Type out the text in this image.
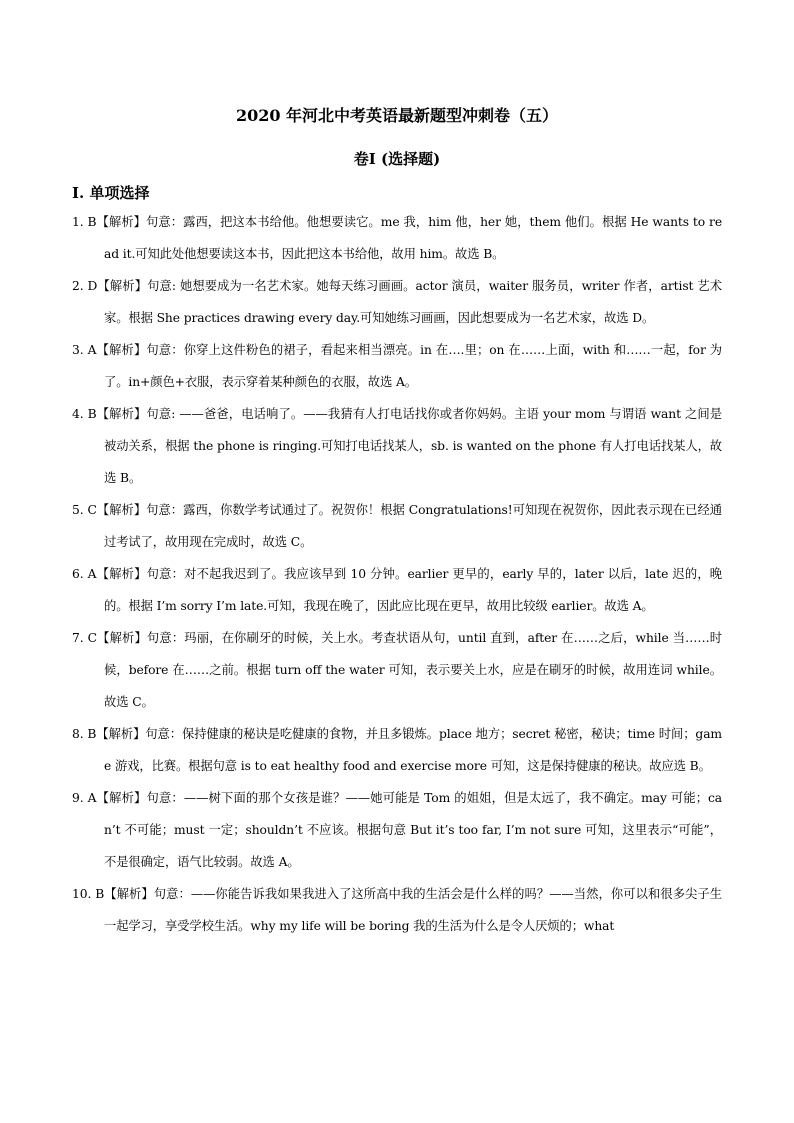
2020 年河北中考英语最新题型冲刺卷（五）
卷I (选择题)
I. 单项选择
1. B【解析】句意：露西，把这本书给他。他想要读它。me 我，him 他，her 她，them 他们。根据 He wants to read it.可知此处他想要读这本书，因此把这本书给他，故用 him。故选 B。
2. D【解析】句意: 她想要成为一名艺术家。她每天练习画画。actor 演员，waiter 服务员，writer 作者，artist 艺术家。根据 She practices drawing every day.可知她练习画画，因此想要成为一名艺术家，故选 D。
3. A【解析】句意：你穿上这件粉色的裙子，看起来相当漂亮。in 在….里；on 在……上面，with 和……一起，for 为了。in+颜色+衣服，表示穿着某种颜色的衣服，故选 A。
4. B【解析】句意: ——爸爸，电话响了。——我猜有人打电话找你或者你妈妈。主语 your mom 与谓语 want 之间是被动关系，根据 the phone is ringing.可知打电话找某人，sb. is wanted on the phone 有人打电话找某人，故选 B。
5. C【解析】句意：露西，你数学考试通过了。祝贺你！根据 Congratulations!可知现在祝贺你，因此表示现在已经通过考试了，故用现在完成时，故选 C。
6. A【解析】句意：对不起我迟到了。我应该早到 10 分钟。earlier 更早的，early 早的，later 以后，late 迟的，晚的。根据 I’m sorry I’m late.可知，我现在晚了，因此应比现在更早，故用比较级 earlier。故选 A。
7. C【解析】句意：玛丽，在你刷牙的时候，关上水。考查状语从句，until 直到，after 在……之后，while 当……时候，before 在……之前。根据 turn off the water 可知，表示要关上水，应是在刷牙的时候，故用连词 while。故选 C。
8. B【解析】句意：保持健康的秘诀是吃健康的食物，并且多锻炼。place 地方；secret 秘密，秘诀；time 时间；game 游戏，比赛。根据句意 is to eat healthy food and exercise more 可知，这是保持健康的秘诀。故应选 B。
9. A【解析】句意：——树下面的那个女孩是谁？——她可能是 Tom 的姐姐，但是太远了，我不确定。may 可能；can’t 不可能；must 一定；shouldn’t 不应该。根据句意 But it’s too far, I’m not sure 可知，这里表示“可能”，不是很确定，语气比较弱。故选 A。
10. B【解析】句意：——你能告诉我如果我进入了这所高中我的生活会是什么样的吗？——当然，你可以和很多尖子生一起学习，享受学校生活。why my life will be boring 我的生活为什么是令人厌烦的；what
